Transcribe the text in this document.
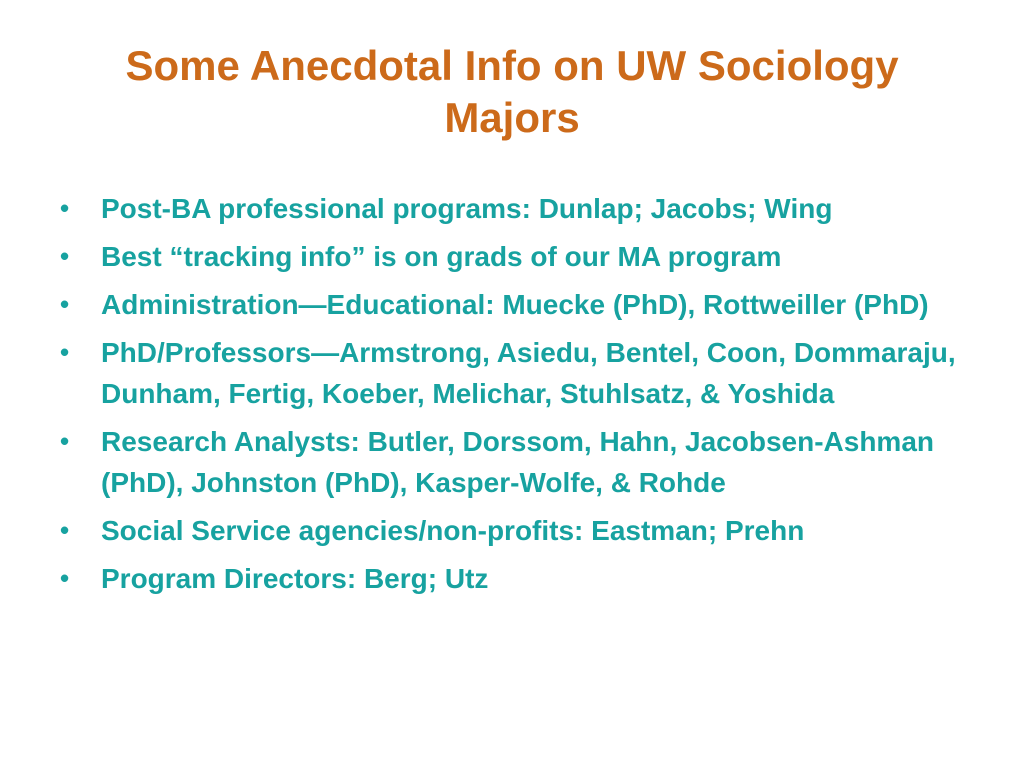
Some Anecdotal Info on UW Sociology
Majors
•	Post-BA professional programs: Dunlap; Jacobs; Wing
•	Best “tracking info” is on grads of our MA program
•	Administration—Educational: Muecke (PhD), Rottweiller (PhD)
•	PhD/Professors—Armstrong, Asiedu, Bentel, Coon, Dommaraju, Dunham, Fertig, Koeber, Melichar, Stuhlsatz, & Yoshida
•	Research Analysts: Butler, Dorssom, Hahn, Jacobsen-Ashman (PhD), Johnston (PhD), Kasper-Wolfe, & Rohde
•	Social Service agencies/non-profits: Eastman; Prehn
•	Program Directors: Berg; Utz
